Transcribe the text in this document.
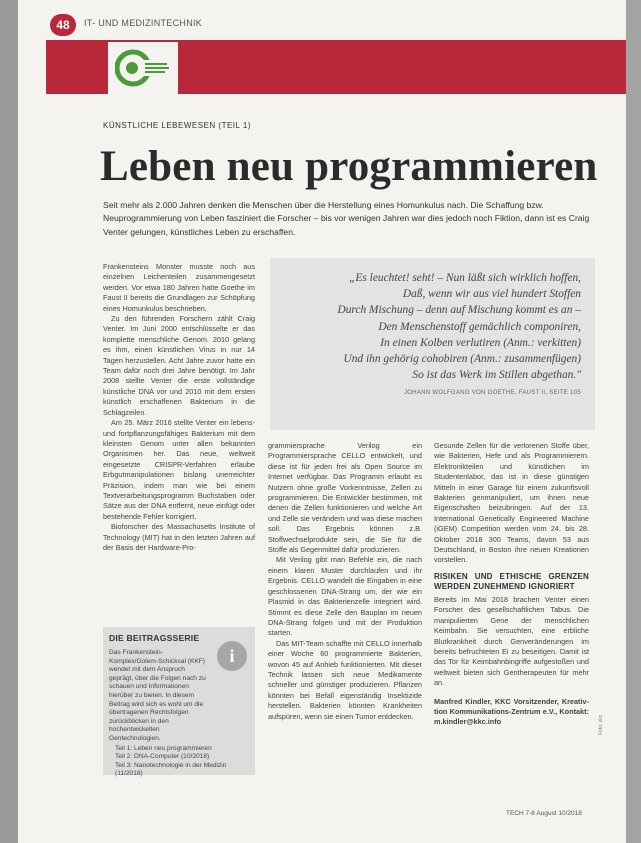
48	IT- UND MEDIZINTECHNIK
KÜNSTLICHE LEBEWESEN (TEIL 1)
Leben neu programmieren
Seit mehr als 2.000 Jahren denken die Menschen über die Herstellung eines Homunkulus nach. Die Schaffung bzw. Neuprogrammierung von Leben fasziniert die Forscher – bis vor wenigen Jahren war dies jedoch noch Fiktion, dann ist es Craig Venter gelungen, künstliches Leben zu erschaffen.

Frankensteins Monster musste noch aus einzelnen Leichenteilen zusammengesetzt werden. Vor etwa 180 Jahren hatte Goethe im Faust II bereits die Grundlagen zur Schöpfung eines Homunkulus beschrieben.

Zu den führenden Forschern zählt Craig Venter. Im Juni 2000 entschlüsselte er das komplette menschliche Genom. 2010 gelang es ihm, einen künstlichen Virus in nur 14 Tagen herzustellen. Acht Jahre zuvor hatte ein Team dafür noch drei Jahre benötigt. Im Jahr 2008 stellte Venter die erste vollständige künstliche DNA vor und 2010 mit dem ersten künstlich erschaffenen Bakterium in die Schlagzeilen.

Am 25. März 2016 stellte Venter ein lebens- und fortpflanzungsfähiges Bakterium mit dem kleinsten Genom unter allen bekannten Organismen her. Das neue, weltweit eingesetzte CRISPR-Verfahren erlaube Erbgutmanipulationen bislang unerreichter Präzision, indem man wie bei einem Textverarbeitungsprogramm Buchstaben oder Sätze aus der DNA entfernt, neue einfügt oder bestehende Fehler korrigiert.

Bioforscher des Massachusetts Institute of Technology (MIT) hat in den letzten Jahren auf der Basis der Hardware-Pro-

„Es leuchtet! seht! – Nun läßt sich wirklich hoffen,
Daß, wenn wir aus viel hundert Stoffen
Durch Mischung – denn auf Mischung kommt es an –
Den Menschenstoff gemächlich componiren,
In einen Kolben verlutiren (Anm.: verkitten)
Und ihn gehörig cohobiren (Anm.: zusammenfügen)
So ist das Werk im Stillen abgethan."
JOHANN WOLFGANG VON GOETHE, FAUST II, SEITE 105
DIE BEITRAGSSERIE
i
Das Frankenstein-Komplex/Golem-Schicksal (KKF) wendet mit dem Anspruch geprägt, über die Folgen nach zu schauen und Informationen hierüber zu bieten. In diesem Beitrag wird sich es wohl um die übertragenen Rechtsfolgen zurückblicken in den hochentwickelten Gentechnologien.
Teil 1: Leben neu programmieren
Teil 2: DNA-Computer (10/2018)
Teil 3: Nanotechnologie in der Medizin (11/2018)

grammiersprache Verilog ein Programmiersprache CELLO entwickelt, und diese ist für jeden frei als Open Source im Internet verfügbar. Das Programm erlaubt es Nutzern ohne große Vorkenntnisse, Zellen zu programmieren. Die Entwickler bestimmen, mit denen die Zellen funktionieren und welche Art und Zelle sie verändern und was diese machen soll. Das Ergebnis können z.B. Stoffwechselprodukte sein, die Sie für die Stoffe als Gegenmittel dafür produzieren.

Mit Verilog gibt man Befehle ein, die nach einem klaren Muster durchlaufen und ihr Ergebnis. CELLO wandelt die Eingaben in eine geschlossenen DNA-Strang um, der wie ein Plasmid in das Bakterienzelle integriert wird. Stimmt es diese Zelle den Bauplan im neuen DNA-Strang folgen und mit der Produktion starten.

Das MIT-Team schaffte mit CELLO innerhalb einer Woche 60 programmierte Bakterien, wovon 45 auf Anhieb funktionierten. Mit dieser Technik lassen sich neue Medikamente schneller und günstiger produzieren. Pflanzen könnten bei Befall eigenständig Insektizide herstellen. Bakterien könnten Krankheiten aufspüren, wenn sie einen Tumor entdecken.

Gesunde Zellen für die verlorenen Stoffe über, wie Bakterien, Hefe und als Programmierern. Elektronikteilen und künstlichen im Studentenlabor, das ist in diese günstigen Mitteln in einer Garage für einem zukunftsvoll Bakterien genmanipuliert, um ihnen neue Eigenschaften beizubringen. Auf der 13. International Genetically Engineered Machine (iGEM) Competition werden vom 24. bis 28. Oktober 2018 300 Teams, davon 53 aus Deutschland, in Boston ihre neuen Kreationen vorstellen.

RISIKEN UND ETHISCHE GRENZEN WERDEN ZUNEHMEND IGNORIERT

Bereits im Mai 2018 brachen Venter einen Forscher des gesellschaftlichen Tabus. Die manipulierten Gene der menschlichen Keimbahn. Sie versuchten, eine erbliche Blutkrankheit durch Genveränderungen im bereits befruchteten Ei zu beseitigen. Damit ist das Tor für Keimbahnbingriffe aufgestoßen und weltweit bieten sich Gentherapeuten für mehr an.

Manfred Kindler, KKC Vorsitzender, Kreativ-tion Kommunikations-Zentrum e.V., Kontakt: m.kindler@kkc.info	Foto: kkc
TECH 7-8 August 10/2018
